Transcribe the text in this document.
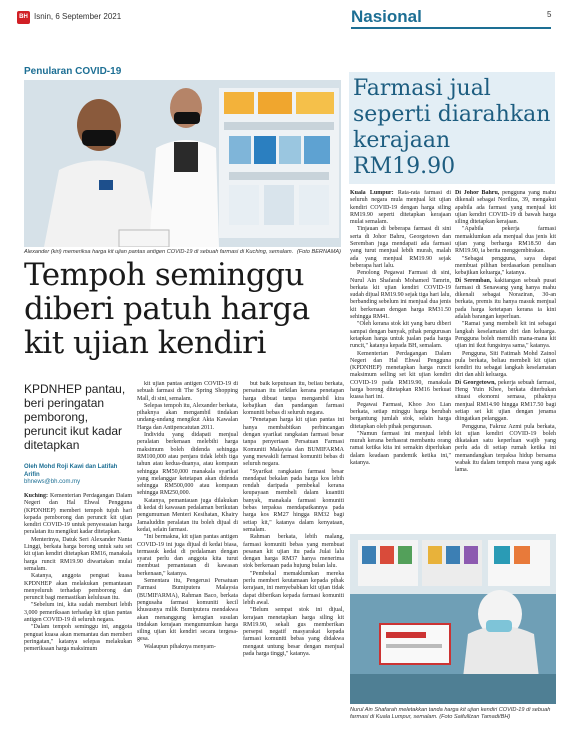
BH Isnin, 6 September 2021	Nasional	5
Penularan COVID-19
Alexander (kiri) memeriksa harga kit ujian pantas antigen COVID-19 di sebuah farmasi di Kuching, semalam. (Foto BERNAMA)
Tempoh seminggu diberi patuh harga kit ujian kendiri
KPDNHEP pantau, beri peringatan pemborong, peruncit ikut kadar ditetapkan
Oleh Mohd Roji Kawi dan Latifah Arifin
bhnews@bh.com.my

Kuching: Kementerian Perdagangan Dalam Negeri dan Hal Ehwal Pengguna (KPDNHEP) memberi tempoh tujuh hari kepada pemborong dan peruncit kit ujian kendiri COVID-19 untuk penyesuaian harga peralatan itu mengikut kadar ditetapkan.

Menterinya, Datuk Seri Alexander Nanta Linggi, berkata harga borong untuk satu set kit ujian kendiri ditetapkan RM16, manakala harga runcit RM19.90 diwartakan mulai semalam.

Katanya, anggota penguat kuasa KPDNHEP akan melakukan pemantauan menyeluruh terhadap pemborong dan peruncit bagi memastikan kelulusan itu.

"Sebelum ini, kita sudah memburi lebih 3,000 pemeriksaan terhadap kit ujian pantas antigen COVID-19 di seluruh negara.

"Dalam tempoh seminggu ini, anggota penguat kuasa akan memantau dan memberi peringatan," katanya selepas melakukan pemeriksaan harga maksimum

kit ujian pantas antigen COVID-19 di sebuah farmasi di The Spring Shopping Mall, di sini, semalam.

Selepas tempoh itu, Alexander berkata, pihaknya akan mengambil tindakan undang-undang mengikut Akta Kawalan Harga dan Antipencatutan 2011.

Individu yang didapati menjual peralatan berkenaan melebihi harga maksimum boleh didenda sehingga RM100,000 atau penjara tidak lebih tiga tahun atau kedua-duanya, atau kompaun sehingga RM50,000 manakala syarikat yang melanggar ketetapan akan didenda sehingga RM500,000 atau kompaun sehingga RM250,000.

Katanya, pemantauan juga dilakukan di kedai di kawasan pedalaman berikutan pengumuman Menteri Kesihatan, Khairy Jamaluddin peralatan itu boleh dijual di kedai, selain farmasi.

"Ini bermakna, kit ujian pantas antigen COVID-19 ini juga dijual di kedai biasa, termasuk kedai di pedalaman dengan syarat perlu dan anggota kita turut membuat pemantauan di kawasan berkenaan," katanya.

Sementara itu, Pengerusi Persatuan Farmasi Bumiputera Malaysia (BUMIFARMA), Rahman Baco, berkata pengusaha farmasi komuniti kecil khususnya milik Bumiputera mendakwa akan menanggung kerugian susulan tindakan kerajaan mengumumkan harga siling ujian kit kendiri secara tergesa-gesa.

Walaupun pihaknya menyam-

but baik keputusan itu, beliau berkata, persatuan itu terkilan kerana penetapan harga dibuat tanpa mengambil kira kebajikan dan pandangan farmasi komuniti bebas di seluruh negara.

"Penetapan harga kit ujian pantas ini hanya membabitkan perbincangan dengan syarikat rangkaian farmasi besar tanpa penyertaan Persatuan Farmasi Komuniti Malaysia dan BUMIFARMA yang mewakili farmasi komuniti bebas di seluruh negara.

"Syarikat rangkaian farmasi besar mendapat bekalan pada harga kos lebih rendah daripada pembekal kerana keupayaan membeli dalam kuantiti banyak, manakala farmasi komuniti bebas terpaksa mendapatkannya pada harga kos RM27 hingga RM32 bagi setiap kit," katanya dalam kenyataan, semalam.

Rahman berkata, lebih malang, farmasi komuniti bebas yang membuat pesanan kit ujian itu pada Julai lalu dengan harga RM37 hanya menerima stok berkenaan pada hujung bulan lalu.

"Pembekal memaklumkan mereka perlu memberi keutamaan kepada pihak kerajaan, ini menyebabkan kit ujian tidak dapat diberikan kepada farmasi komuniti lebih awal.

"Belum sempat stok ini dijual, kerajaan menetapkan harga siling kit RM19.90, sekali gus memberikan persepsi negatif masyarakat kepada farmasi komuniti bebas yang didakwa mengaut untung besar dengan menjual pada harga tinggi," katanya.

Farmasi jual seperti diarahkan kerajaan RM19.90

Kuala Lumpur: Rata-rata farmasi di seluruh negara mula menjual kit ujian kendiri COVID-19 dengan harga siling RM19.90 seperti ditetapkan kerajaan mulai semalam.

Tinjauan di beberapa farmasi di sini serta di Johor Bahru, Georgetown dan Seremban juga mendapati ada farmasi yang turut menjual lebih murah, malah ada yang menjual RM19.90 sejak beberapa hari lalu.

Penolong Pegawai Farmasi di sini, Nurul Ain Shafarah Mohamed Tamrin, berkata kit ujian kendiri COVID-19 sudah dijual RM19.90 sejak tiga hari lalu, berbanding sebelum ini menjual dua jenis kit berkenaan dengan harga RM31.50 sehingga RM41.

"Oleh kerana stok kit yang baru diberi sampai dengan banyak, pihak pengurusan ketapkan harga untuk jualan pada harga runcit," katanya kepada BH, semalam.

Kementerian Perdagangan Dalam Negeri dan Hal Ehwal Pengguna (KPDNHEP) menetapkan harga runcit maksimum selling set kit ujian kendiri COVID-19 pada RM19.90, manakala harga borong ditetapkan RM16 berkuat kuasa hari ini.

Pegawai Farmasi, Khoo Joo Lian berkata, setiap minggu harga berubah bergantung jumlah stok, selain harga ditetapkan oleh pihak pengurusan.

"Namun farmasi ini menjual lebih murah kerana berhasrat membantu orang ramai ketika kita ini semakin diperlukan dalam keadaan pandemik ketika ini," katanya.

Di Johor Bahru, pengguna yang mahu dikenali sebagai Noriliza, 39, mengakui apabila ada farmasi yang menjual kit ujian kendiri COVID-19 di bawah harga siling ditetapkan kerajaan.

"Apabila pekerja farmasi memaklumkan ada menjual dua jenis kit ujian yang berharga RM18.50 dan RM19.90, ia berita menggembirakan.

"Sebagai pengguna, saya dapat membuat pilihan berdasarkan penulisan kebajikan keluarga," katanya.

Di Seremban, kakitangan sebuah pusat farmasi di Senawang yang hanya mahu dikenali sebagai Noraziran, 30-an berkata, premis itu hanya masuk menjual pada harga ketetapan kerana ia kini adalah barangan keperluan.

"Ramai yang membeli kit ini sebagai langkah keselamatan diri dan keluarga. Pengguna boleh memilih mana-mana kit ujian ini ikut fungsinya sama," katanya.

Pengguna, Siti Fatimah Mohd Zainol pula berkata, beliau membeli kit ujian kendiri itu sebagai langkah keselamatan diri dan ahli keluarga.

Di Georgetown, pekerja sebuah farmasi, Heng Yuin Khee, berkata diterbukan situasi ekonomi semasa, pihaknya menjual RM14.90 hingga RM17.50 bagi setiap set kit ujian dengan jenama diingatkan pelanggan.

Pengguna, Fakruz Azmi pula berkata, kit ujian kendiri COVID-19 boleh dikatakan satu keperluan wajib yang perlu ada di setiap rumah ketika ini memandangkan terpaksa hidup bersama wabak itu dalam tempoh masa yang agak lama.

Nurul Ain Shafarah meletakkan tanda harga kit ujian kendiri COVID-19 di sebuah farmasi di Kuala Lumpur, semalam. (Foto Saifullizan Tamadi/BH)
